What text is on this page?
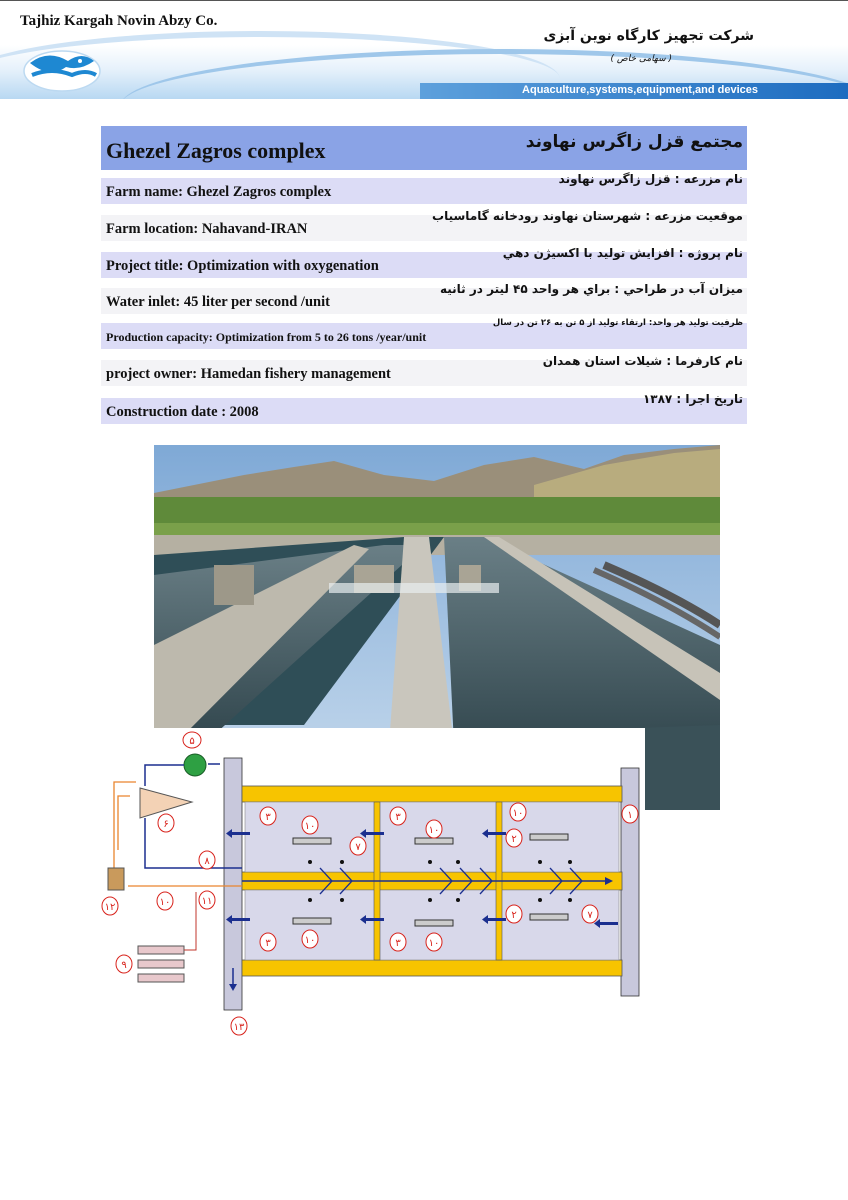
Aquaculture,systems,equipment,and devices
Tajhiz Kargah Novin Abzy Co.
شرکت تجهیز کارگاه نوین آبزی
( سهامی خاص )
Ghezel Zagros complex	مجتمع قزل زاگرس نهاوند
Farm name: Ghezel Zagros complex
نام مزرعه : قزل زاگرس نهاوند
Farm location: Nahavand-IRAN
موقعیت مزرعه : شهرستان نهاوند رودخانه گاماسیاب
Project title: Optimization with oxygenation
نام پروژه : افزایش تولید با اکسیژن دهي
Water inlet: 45 liter per second /unit
میزان آب در طراحي : براي هر واحد ۴۵ لیتر در ثانیه
Production capacity: Optimization from 5 to 26 tons /year/unit
ظرفیت تولید هر واحد: ارتقاء تولید از ۵ تن به ۲۶ تن در سال
project owner: Hamedan fishery management
نام کارفرما : شیلات استان همدان
Construction date : 2008
تاریخ اجرا : ۱۳۸۷
۵
۶
۸
۱۰	۱۱
۱۲
۹
۱۳
۳
۳
۱۰
۱۰
۷
۳
۳
۱۰
۱۰
۲
۲
۱۰
۷
۱
